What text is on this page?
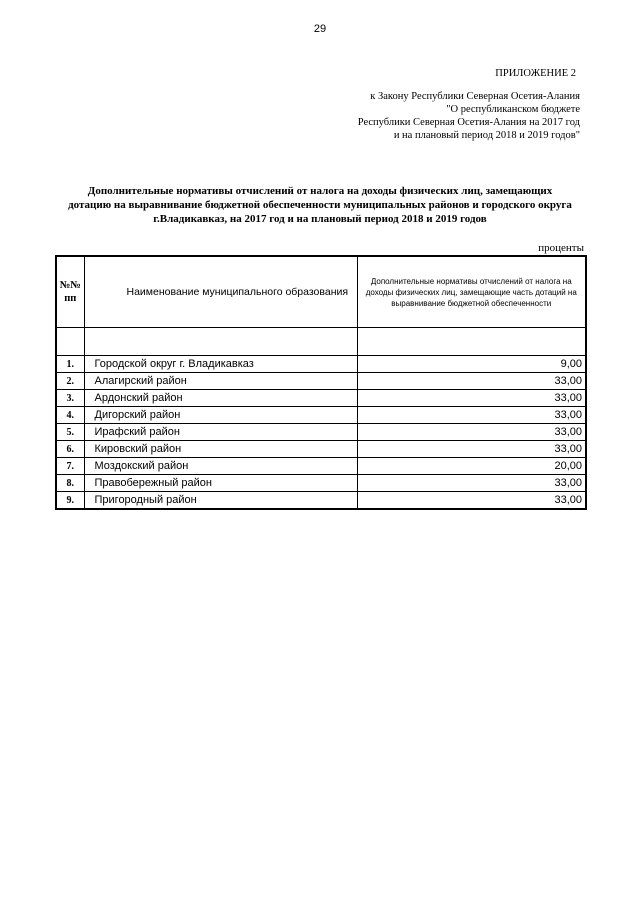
29
ПРИЛОЖЕНИЕ 2
к Закону Республики Северная Осетия-Алания
"О республиканском бюджете
Республики Северная Осетия-Алания на 2017 год
и на плановый период 2018 и 2019 годов"
Дополнительные нормативы отчислений от налога на доходы физических лиц, замещающих
дотацию на выравнивание бюджетной обеспеченности муниципальных районов и городского округа
г.Владикавказ, на 2017 год и на плановый период 2018 и 2019 годов
проценты
№№ пп	Наименование муниципального образования	Дополнительные нормативы отчислений от налога на доходы физических лиц, замещающие часть дотаций на выравнивание бюджетной обеспеченности

1.	Городской округ г. Владикавказ	9,00
2.	Алагирский район	33,00
3.	Ардонский район	33,00
4.	Дигорский район	33,00
5.	Ирафский район	33,00
6.	Кировский район	33,00
7.	Моздокский район	20,00
8.	Правобережный район	33,00
9.	Пригородный район	33,00
